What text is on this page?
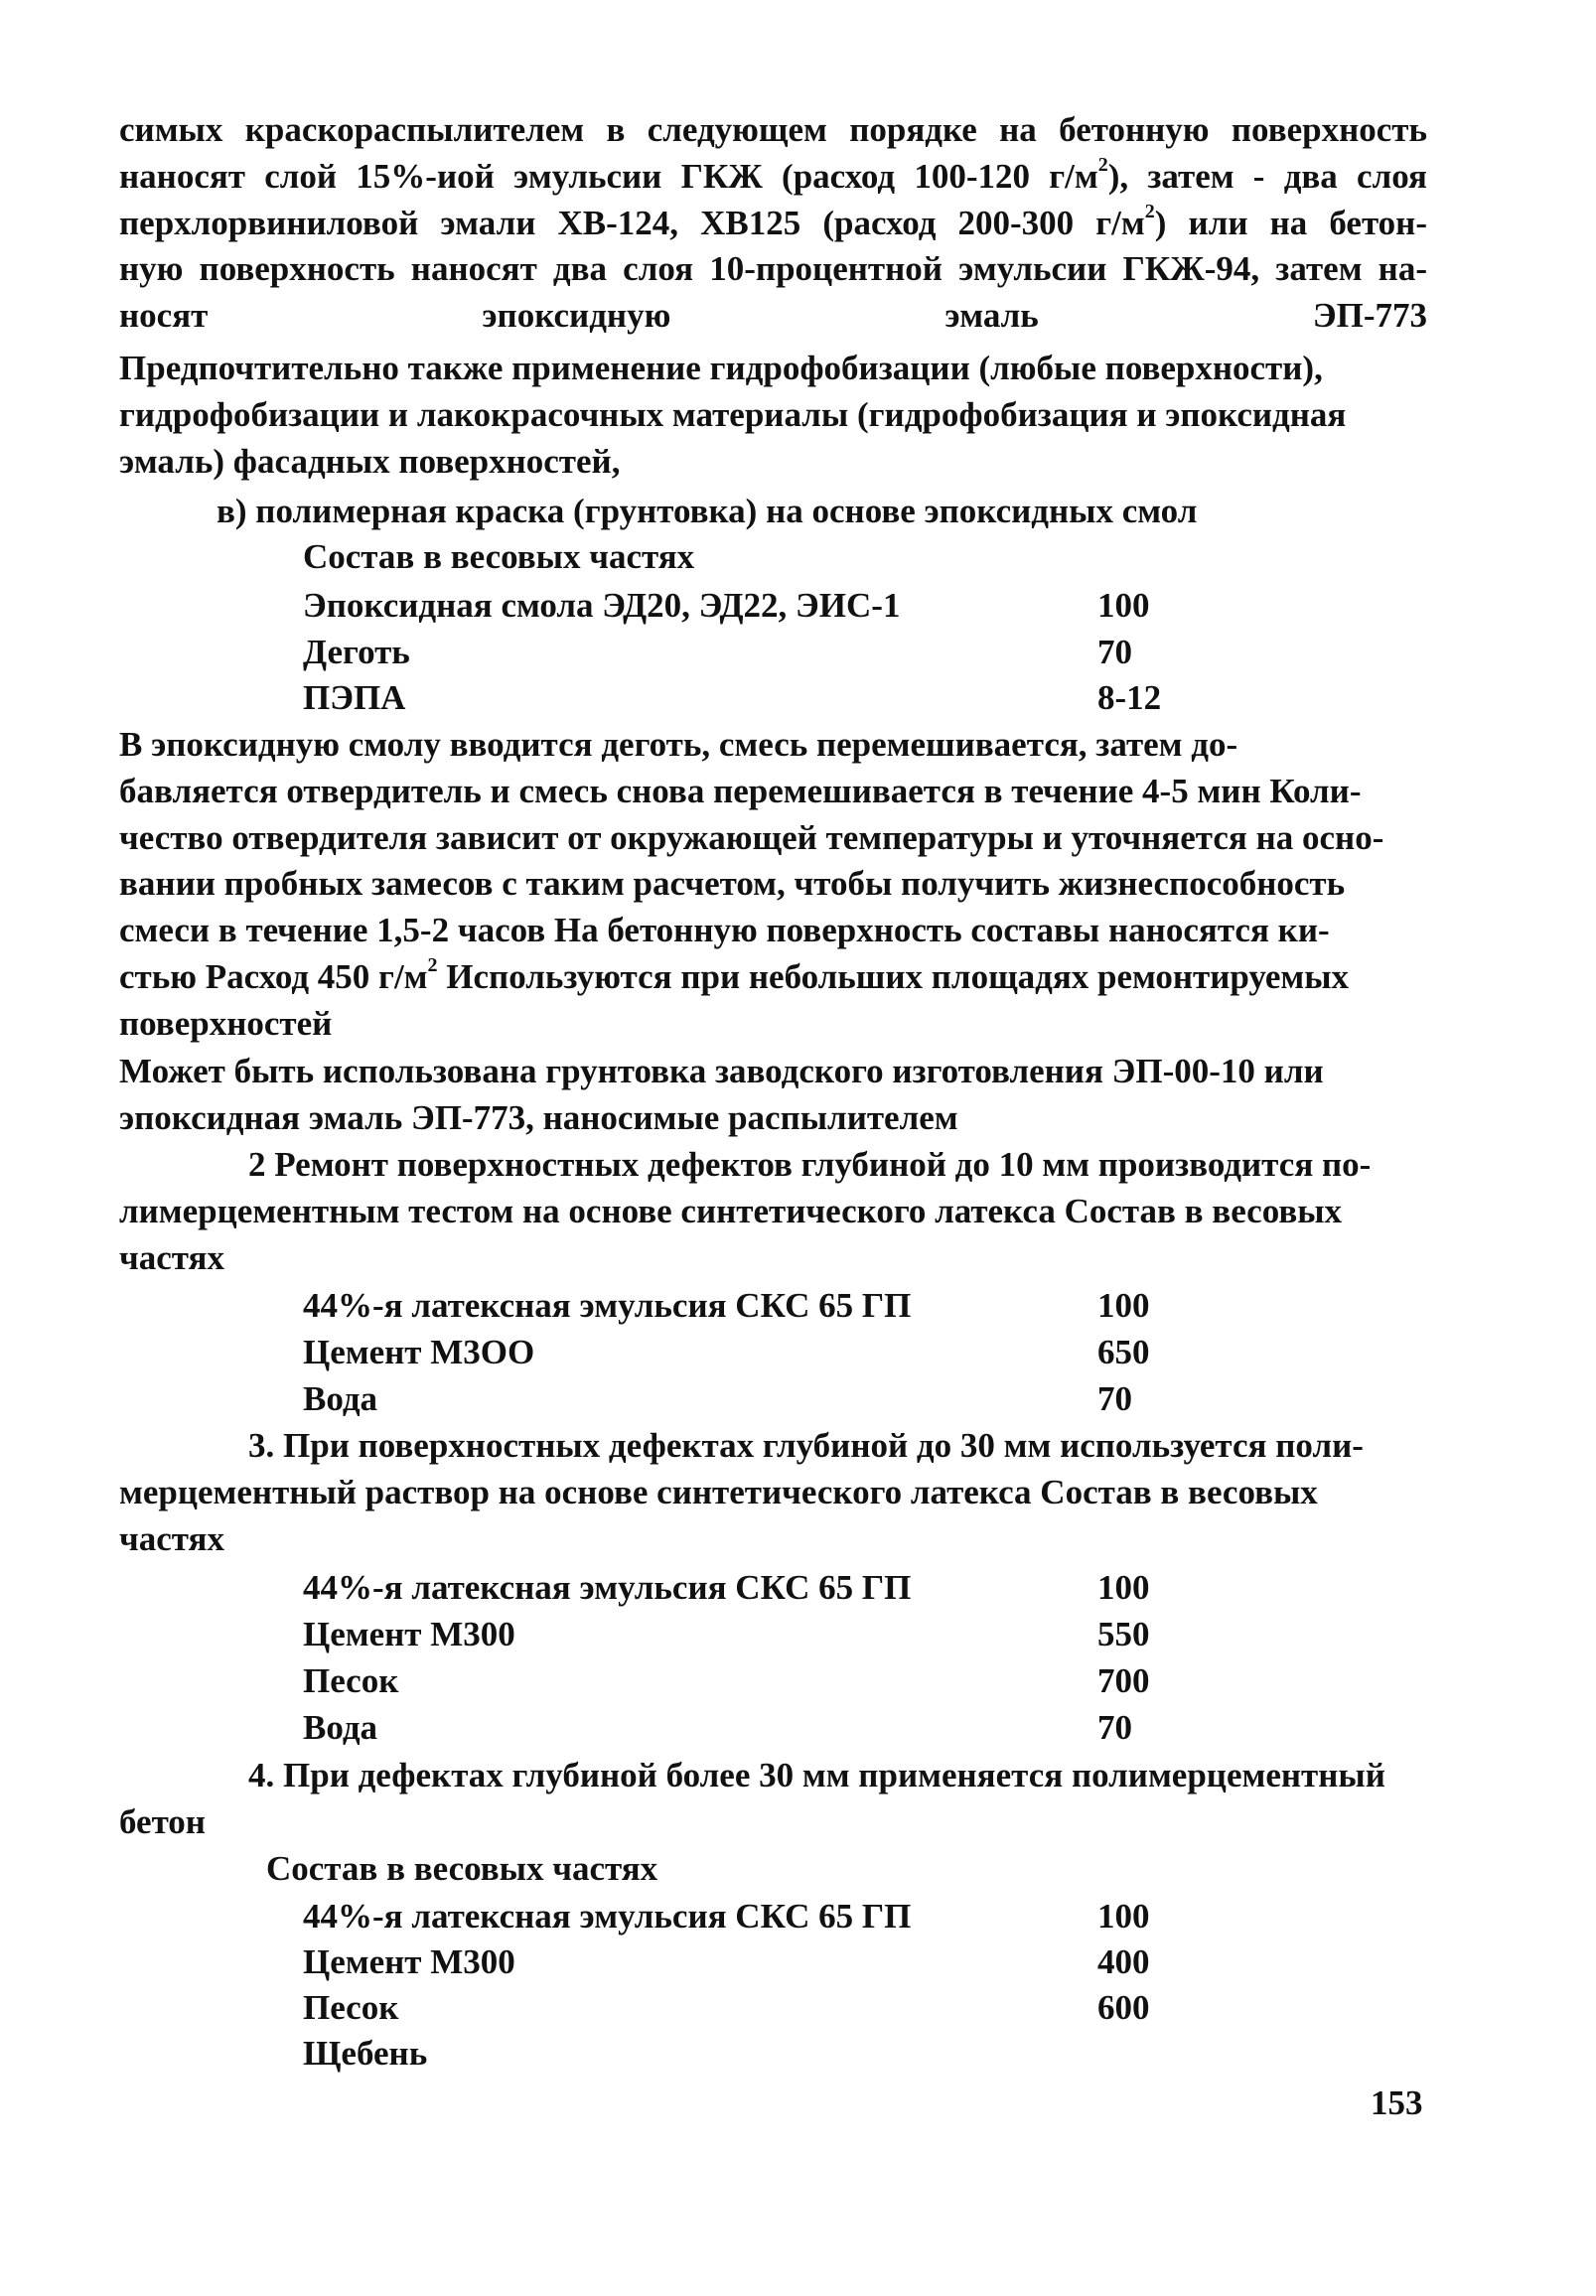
симых краскораспылителем в следующем порядке на бетонную поверхность
наносят слой 15%-иой эмульсии ГКЖ (расход 100-120 $г/м^2$), затем - два слоя
перхлорвиниловой эмали ХВ-124, ХВ125 (расход 200-300 $г/м^2$) или на бетон-
ную поверхность наносят два слоя 10-процентной эмульсии ГКЖ-94, затем на-
носят эпоксидную эмаль ЭП-773
Предпочтительно также применение гидрофобизации (любые поверхности),
гидрофобизации и лакокрасочных материалы (гидрофобизация и эпоксидная
эмаль) фасадных поверхностей,

в) полимерная краска (грунтовка) на основе эпоксидных смол

Состав в весовых частях

Эпоксидная смола ЭД20, ЭД22, ЭИС-1	100
Деготь	70
ПЭПА	8-12
В эпоксидную смолу вводится деготь, смесь перемешивается, затем до-
бавляется отвердитель и смесь снова перемешивается в течение 4-5 мин Коли-
чество отвердителя зависит от окружающей температуры и уточняется на осно-
вании пробных замесов с таким расчетом, чтобы получить жизнеспособность
смеси в течение 1,5-2 часов На бетонную поверхность составы наносятся ки-
стью Расход 450 $г/м^2$ Используются при небольших площадях ремонтируемых
поверхностей
Может быть использована грунтовка заводского изготовления ЭП-00-10 или
эпоксидная эмаль ЭП-773, наносимые распылителем
2 Ремонт поверхностных дефектов глубиной до 10 мм производится по-
лимерцементным тестом на основе синтетического латекса Состав в весовых
частях
44%-я латексная эмульсия СКС 65 ГП	100
Цемент М3ОО	650
Вода	70
3. При поверхностных дефектах глубиной до 30 мм используется поли-
мерцементный раствор на основе синтетического латекса Состав в весовых
частях
44%-я латексная эмульсия СКС 65 ГП	100
Цемент М300	550
Песок	700
Вода	70
4. При дефектах глубиной более 30 мм применяется полимерцементный
бетон

Состав в весовых частях

44%-я латексная эмульсия СКС 65 ГП	100
Цемент М300	400
Песок	600
Щебень
153
